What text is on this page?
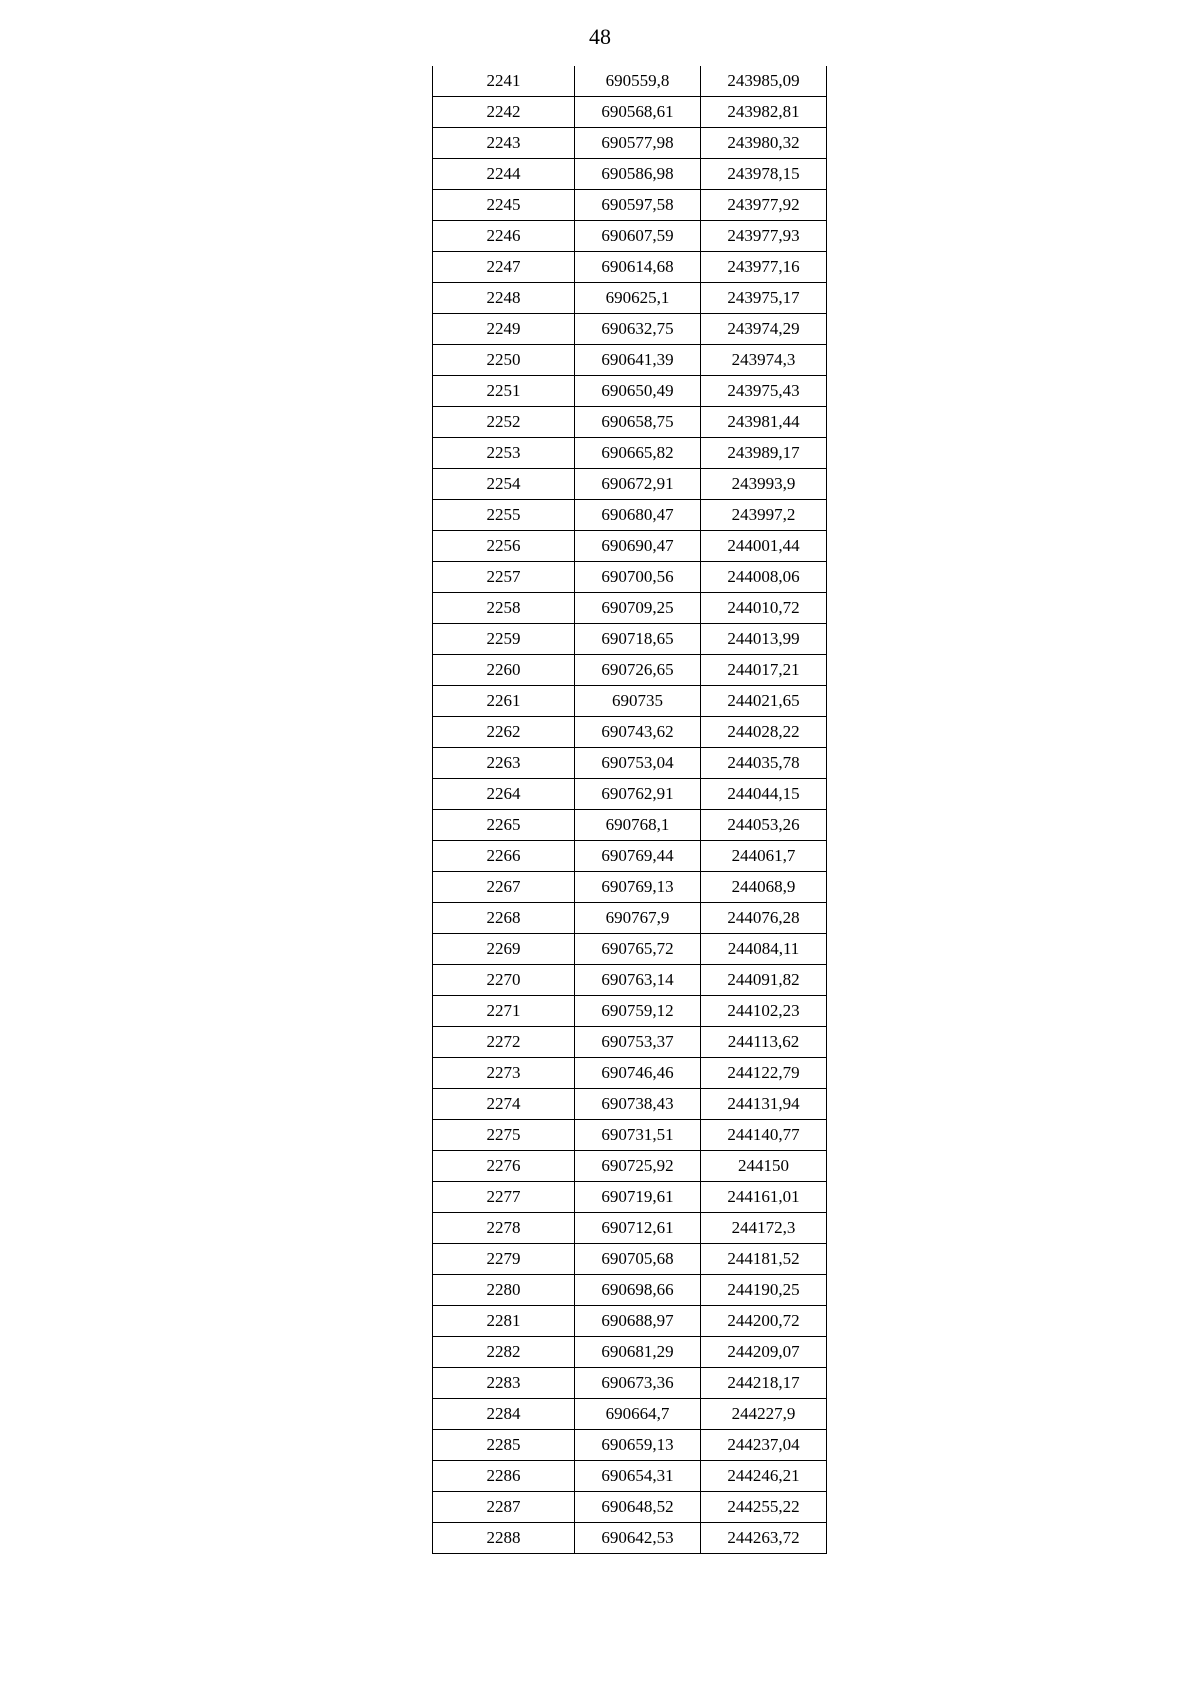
48
2241	690559,8	243985,09
2242	690568,61	243982,81
2243	690577,98	243980,32
2244	690586,98	243978,15
2245	690597,58	243977,92
2246	690607,59	243977,93
2247	690614,68	243977,16
2248	690625,1	243975,17
2249	690632,75	243974,29
2250	690641,39	243974,3
2251	690650,49	243975,43
2252	690658,75	243981,44
2253	690665,82	243989,17
2254	690672,91	243993,9
2255	690680,47	243997,2
2256	690690,47	244001,44
2257	690700,56	244008,06
2258	690709,25	244010,72
2259	690718,65	244013,99
2260	690726,65	244017,21
2261	690735	244021,65
2262	690743,62	244028,22
2263	690753,04	244035,78
2264	690762,91	244044,15
2265	690768,1	244053,26
2266	690769,44	244061,7
2267	690769,13	244068,9
2268	690767,9	244076,28
2269	690765,72	244084,11
2270	690763,14	244091,82
2271	690759,12	244102,23
2272	690753,37	244113,62
2273	690746,46	244122,79
2274	690738,43	244131,94
2275	690731,51	244140,77
2276	690725,92	244150
2277	690719,61	244161,01
2278	690712,61	244172,3
2279	690705,68	244181,52
2280	690698,66	244190,25
2281	690688,97	244200,72
2282	690681,29	244209,07
2283	690673,36	244218,17
2284	690664,7	244227,9
2285	690659,13	244237,04
2286	690654,31	244246,21
2287	690648,52	244255,22
2288	690642,53	244263,72
